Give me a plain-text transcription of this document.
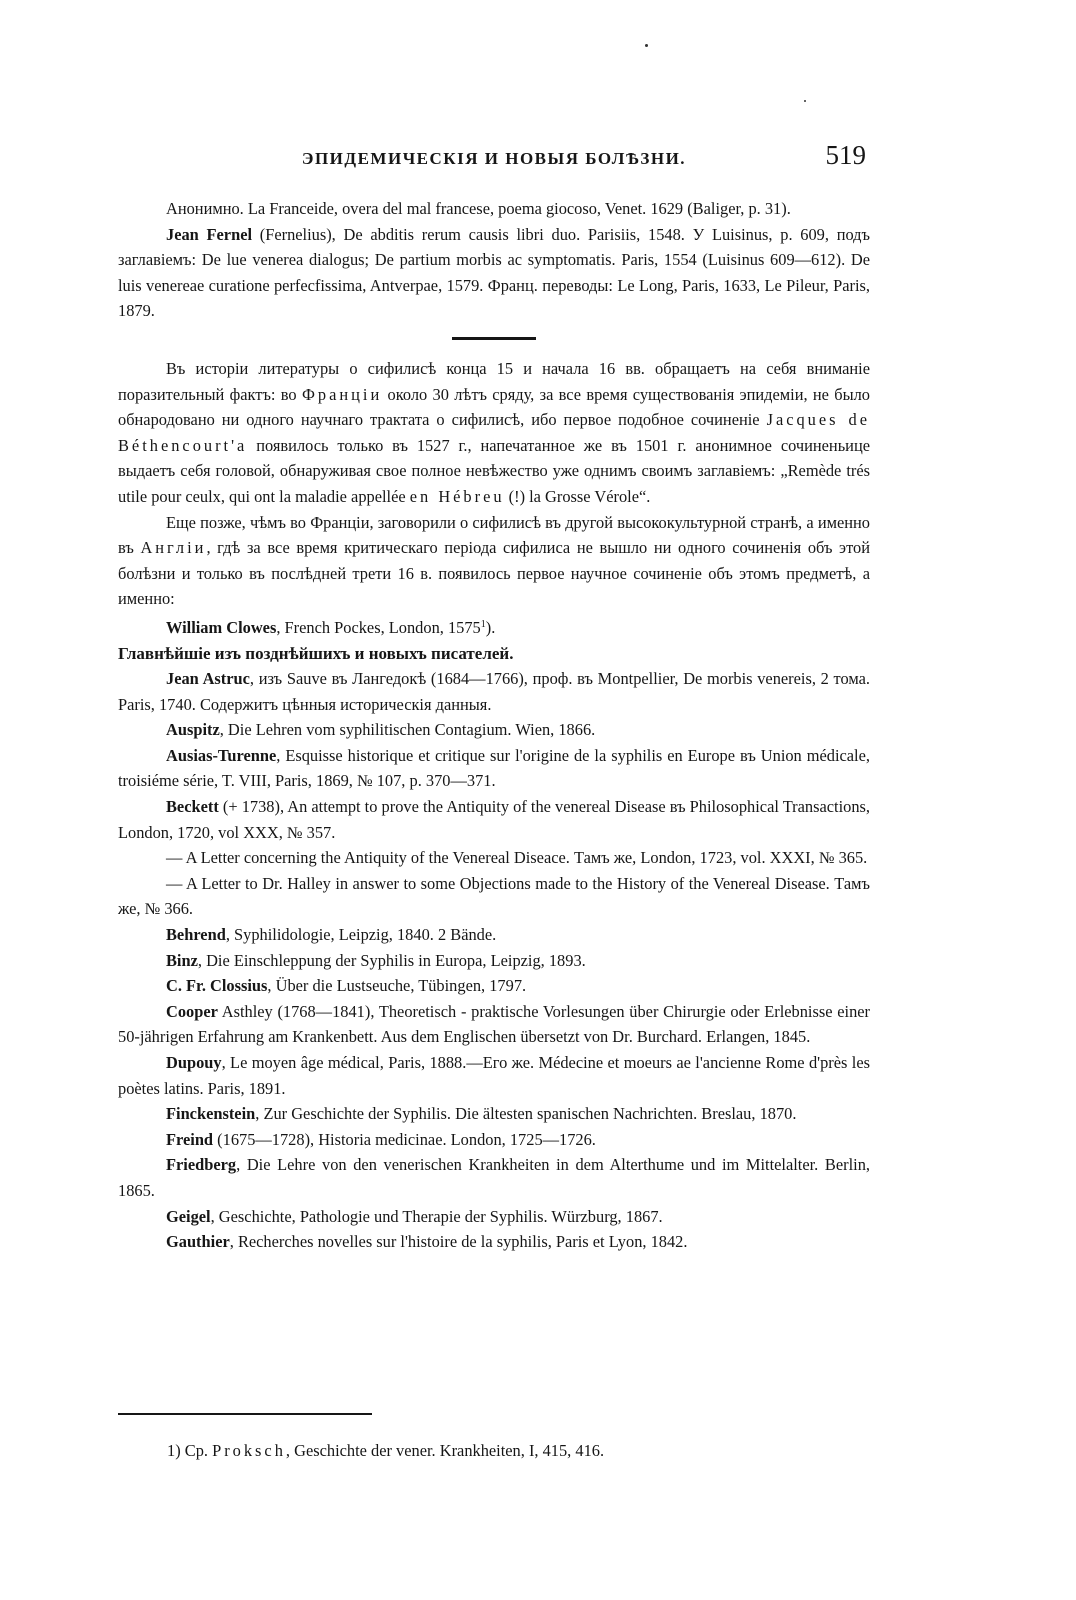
ЭПИДЕМИЧЕСКІЯ И НОВЫЯ БОЛѢЗНИ.	519

Анонимно. La Franceide, overa del mal francese, poema giocoso, Venet. 1629 (Baliger, p. 31).

Jean Fernel (Fernelius), De abditis rerum causis libri duo. Parisiis, 1548. У Luisinus, p. 609, подъ заглавіемъ: De lue venerea dialogus; De partium morbis ac symptomatis. Paris, 1554 (Luisinus 609—612). De luis venereae curatione perfecfissima, Antverpae, 1579. Франц. переводы: Le Long, Paris, 1633, Le Pileur, Paris, 1879.

Въ исторіи литературы о сифилисѣ конца 15 и начала 16 вв. обращаетъ на себя вниманіе поразительный фактъ: во Франціи около 30 лѣтъ сряду, за все время существованія эпидеміи, не было обнародовано ни одного научнаго трактата о сифилисѣ, ибо первое подобное сочиненіе Jacques de Béthencourt'a появилось только въ 1527 г., напечатанное же въ 1501 г. анонимное сочиненьице выдаетъ себя головой, обнаруживая свое полное невѣжество уже однимъ своимъ заглавіемъ: „Remède trés utile pour ceulx, qui ont la maladie appellée en Hébreu (!) la Grosse Vérole“.

Еще позже, чѣмъ во Франціи, заговорили о сифилисѣ въ другой высококультурной странѣ, а именно въ Англіи, гдѣ за все время критическаго періода сифилиса не вышло ни одного сочиненія объ этой болѣзни и только въ послѣдней трети 16 в. появилось первое научное сочиненіе объ этомъ предметѣ, а именно:

William Clowes, French Pockes, London, 1575$^1$).

Главнѣйшіе изъ позднѣйшихъ и новыхъ писателей.

Jean Astruc, изъ Sauve въ Лангедокѣ (1684—1766), проф. въ Montpellier, De morbis venereis, 2 тома. Paris, 1740. Содержитъ цѣнныя историческія данныя.

Auspitz, Die Lehren vom syphilitischen Contagium. Wien, 1866.

Ausias-Turenne, Esquisse historique et critique sur l'origine de la syphilis en Europe въ Union médicale, troisiéme série, T. VIII, Paris, 1869, № 107, p. 370—371.

Beckett (+ 1738), An attempt to prove the Antiquity of the venereal Disease въ Philosophical Transactions, London, 1720, vol XXX, № 357.

— A Letter concerning the Antiquity of the Venereal Diseace. Тамъ же, London, 1723, vol. XXXI, № 365.

— A Letter to Dr. Halley in answer to some Objections made to the History of the Venereal Disease. Тамъ же, № 366.

Behrend, Syphilidologie, Leipzig, 1840. 2 Bände.

Binz, Die Einschleppung der Syphilis in Europa, Leipzig, 1893.

C. Fr. Clossius, Über die Lustseuche, Tübingen, 1797.

Cooper Asthley (1768—1841), Theoretisch - praktische Vorlesungen über Chirurgie oder Erlebnisse einer 50-jährigen Erfahrung am Krankenbett. Aus dem Englischen übersetzt von Dr. Burchard. Erlangen, 1845.

Dupouy, Le moyen âge médical, Paris, 1888.—Его же. Médecine et moeurs ae l'ancienne Rome d'près les poètes latins. Paris, 1891.

Finckenstein, Zur Geschichte der Syphilis. Die ältesten spanischen Nachrichten. Breslau, 1870.

Freind (1675—1728), Historia medicinae. London, 1725—1726.

Friedberg, Die Lehre von den venerischen Krankheiten in dem Alterthume und im Mittelalter. Berlin, 1865.

Geigel, Geschichte, Pathologie und Therapie der Syphilis. Würzburg, 1867.

Gauthier, Recherches novelles sur l'histoire de la syphilis, Paris et Lyon, 1842.

1) Cp. Proksch, Geschichte der vener. Krankheiten, I, 415, 416.
